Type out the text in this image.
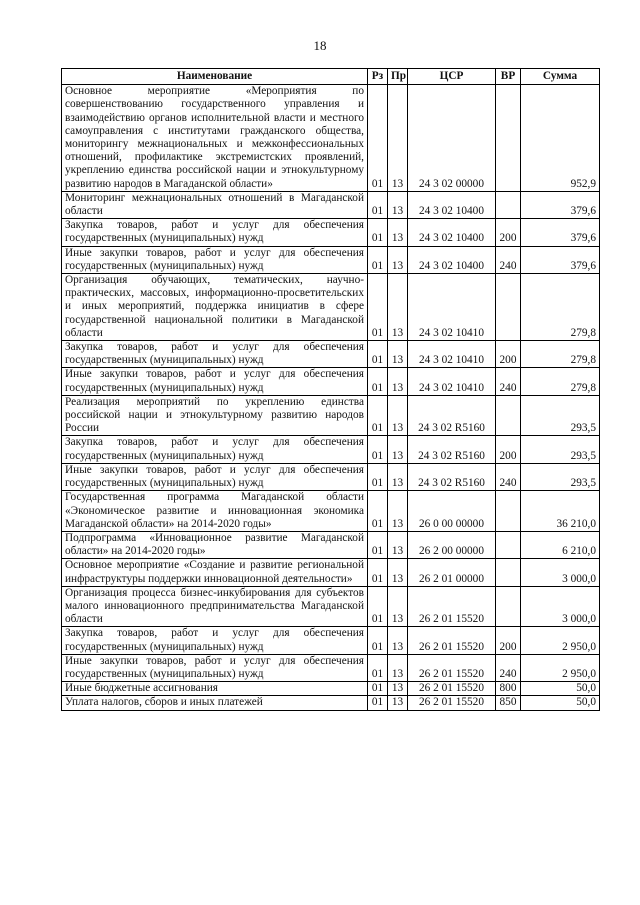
18
Наименование	Рз	Пр	ЦСР	ВР	Сумма
Основное мероприятие «Мероприятия по совершенствованию государственного управления и взаимодействию органов исполнительной власти и местного самоуправления с институтами гражданского общества, мониторингу межнациональных и межконфессиональных отношений, профилактике экстремистских проявлений, укреплению единства российской нации и этнокультурному развитию народов в Магаданской области»	01	13	24 3 02 00000		952,9
Мониторинг межнациональных отношений в Магаданской области	01	13	24 3 02 10400		379,6
Закупка товаров, работ и услуг для обеспечения государственных (муниципальных) нужд	01	13	24 3 02 10400	200	379,6
Иные закупки товаров, работ и услуг для обеспечения государственных (муниципальных) нужд	01	13	24 3 02 10400	240	379,6
Организация обучающих, тематических, научно-практических, массовых, информационно-просветительских и иных мероприятий, поддержка инициатив в сфере государственной национальной политики в Магаданской области	01	13	24 3 02 10410		279,8
Закупка товаров, работ и услуг для обеспечения государственных (муниципальных) нужд	01	13	24 3 02 10410	200	279,8
Иные закупки товаров, работ и услуг для обеспечения государственных (муниципальных) нужд	01	13	24 3 02 10410	240	279,8
Реализация мероприятий по укреплению единства российской нации и этнокультурному развитию народов России	01	13	24 3 02 R5160		293,5
Закупка товаров, работ и услуг для обеспечения государственных (муниципальных) нужд	01	13	24 3 02 R5160	200	293,5
Иные закупки товаров, работ и услуг для обеспечения государственных (муниципальных) нужд	01	13	24 3 02 R5160	240	293,5
Государственная программа Магаданской области «Экономическое развитие и инновационная экономика Магаданской области» на 2014-2020 годы»	01	13	26 0 00 00000		36 210,0
Подпрограмма «Инновационное развитие Магаданской области» на 2014-2020 годы»	01	13	26 2 00 00000		6 210,0
Основное мероприятие «Создание и развитие региональной инфраструктуры поддержки инновационной деятельности»	01	13	26 2 01 00000		3 000,0
Организация процесса бизнес-инкубирования для субъектов малого инновационного предпринимательства Магаданской области	01	13	26 2 01 15520		3 000,0
Закупка товаров, работ и услуг для обеспечения государственных (муниципальных) нужд	01	13	26 2 01 15520	200	2 950,0
Иные закупки товаров, работ и услуг для обеспечения государственных (муниципальных) нужд	01	13	26 2 01 15520	240	2 950,0
Иные бюджетные ассигнования	01	13	26 2 01 15520	800	50,0
Уплата налогов, сборов и иных платежей	01	13	26 2 01 15520	850	50,0
